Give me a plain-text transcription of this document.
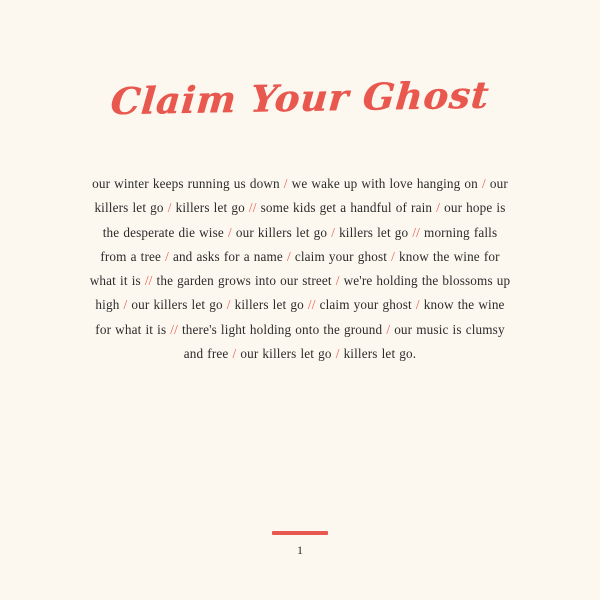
Claim Your Ghost
our winter keeps running us down / we wake up with love hanging on / our killers let go / killers let go // some kids get a handful of rain / our hope is the desperate die wise / our killers let go / killers let go // morning falls from a tree / and asks for a name / claim your ghost / know the wine for what it is // the garden grows into our street / we're holding the blossoms up high / our killers let go / killers let go // claim your ghost / know the wine for what it is // there's light holding onto the ground / our music is clumsy and free / our killers let go / killers let go.
1
